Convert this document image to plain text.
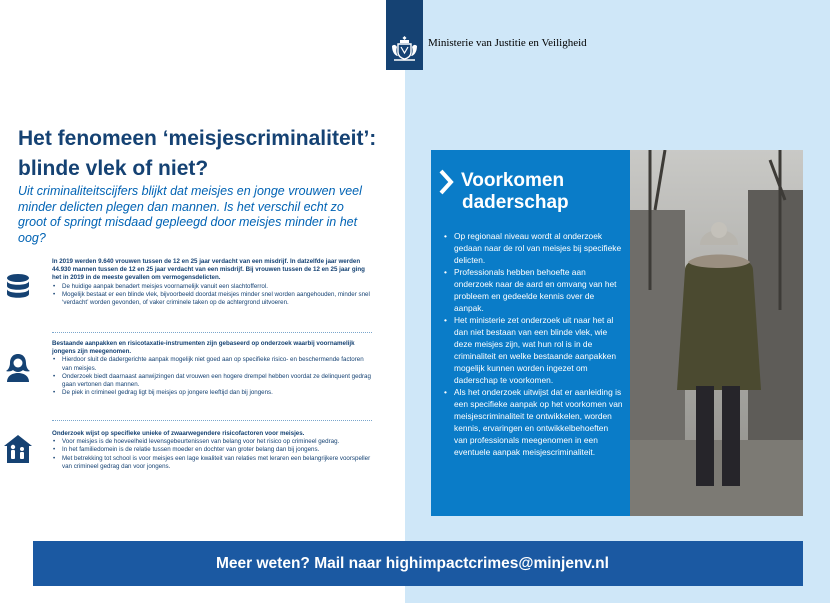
Ministerie van Justitie en Veiligheid
Het fenomeen ‘meisjescriminaliteit’: blinde vlek of niet?

Uit criminaliteitscijfers blijkt dat meisjes en jonge vrouwen veel minder delicten plegen dan mannen. Is het verschil echt zo groot of springt misdaad gepleegd door meisjes minder in het oog?

In 2019 werden 9.640 vrouwen tussen de 12 en 25 jaar verdacht van een misdrijf. In datzelfde jaar werden 44.930 mannen tussen de 12 en 25 jaar verdacht van een misdrijf. Bij vrouwen tussen de 12 en 25 jaar ging het in 2019 in de meeste gevallen om vermogensdelicten.

• De huidige aanpak benadert meisjes voornamelijk vanuit een slachtofferrol.
• Mogelijk bestaat er een blinde vlek, bijvoorbeeld doordat meisjes minder snel worden aangehouden, minder snel ‘verdacht’ worden gevonden, of vaker criminele taken op de achtergrond uitvoeren.

Bestaande aanpakken en risicotaxatie-instrumenten zijn gebaseerd op onderzoek waarbij voornamelijk jongens zijn meegenomen.

• Hierdoor sluit de dadergerichte aanpak mogelijk niet goed aan op specifieke risico- en beschermende factoren van meisjes.
• Onderzoek biedt daarnaast aanwijzingen dat vrouwen een hogere drempel hebben voordat ze delinquent gedrag gaan vertonen dan mannen.
• De piek in crimineel gedrag ligt bij meisjes op jongere leeftijd dan bij jongens.

Onderzoek wijst op specifieke unieke of zwaarwegendere risicofactoren voor meisjes.

• Voor meisjes is de hoeveelheid levensgebeurtenissen van belang voor het risico op crimineel gedrag.
• In het familiedomein is de relatie tussen moeder en dochter van groter belang dan bij jongens.
• Met betrekking tot school is voor meisjes een lage kwaliteit van relaties met leraren een belangrijkere voorspeller van crimineel gedrag dan voor jongens.
Voorkomen
daderschap
• Op regionaal niveau wordt al onderzoek gedaan naar de rol van meisjes bij specifieke delicten.
• Professionals hebben behoefte aan onderzoek naar de aard en omvang van het probleem en gedeelde kennis over de aanpak.
• Het ministerie zet onderzoek uit naar het al dan niet bestaan van een blinde vlek, wie deze meisjes zijn, wat hun rol is in de criminaliteit en welke bestaande aanpakken mogelijk kunnen worden ingezet om daderschap te voorkomen.
• Als het onderzoek uitwijst dat er aanleiding is een specifieke aanpak op het voorkomen van meisjescriminaliteit te ontwikkelen, worden kennis, ervaringen en ontwikkelbehoeften van professionals meegenomen in een eventuele aanpak meisjescriminaliteit.
Meer weten? Mail naar highimpactcrimes@minjenv.nl
